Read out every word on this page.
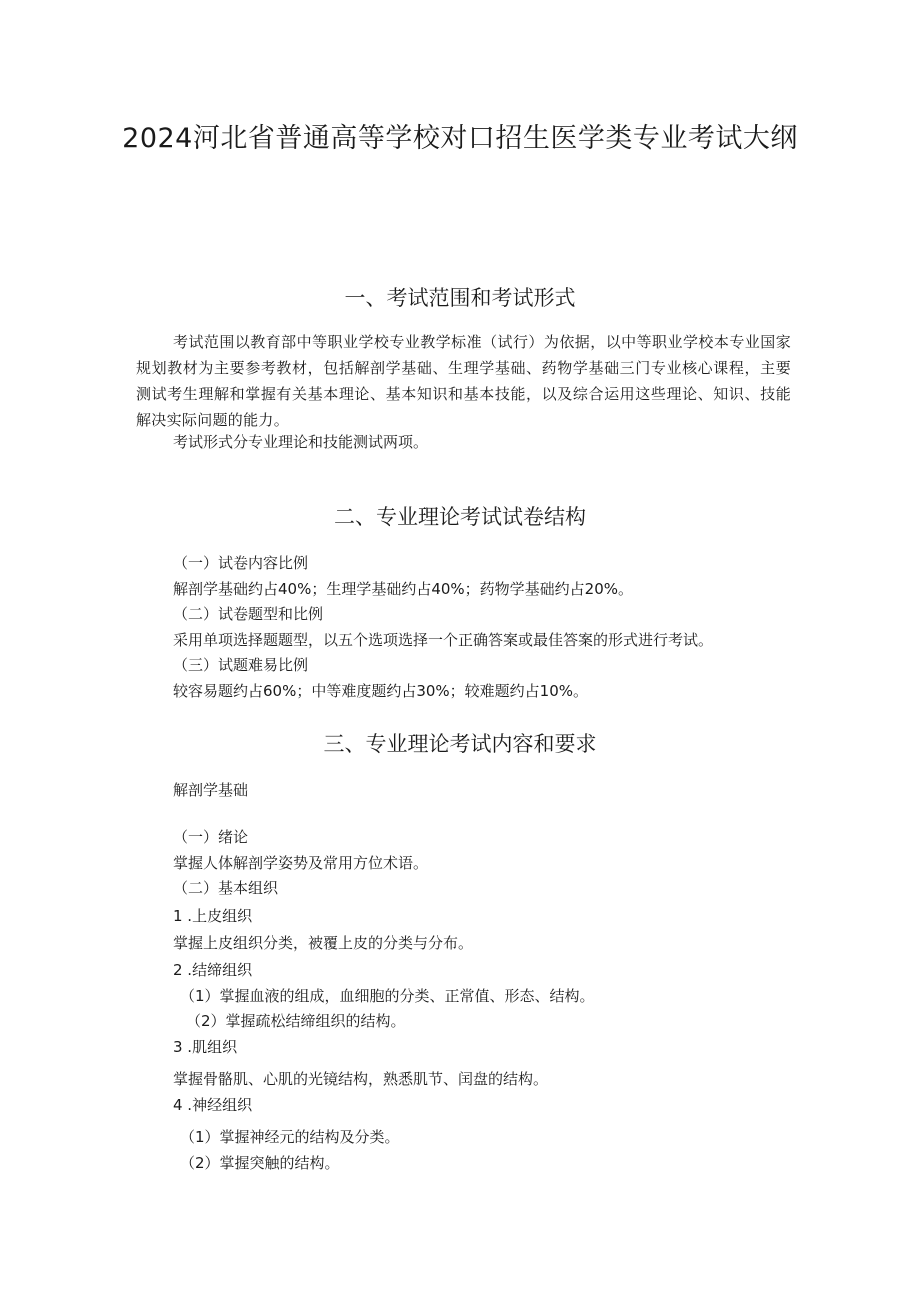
2024河北省普通高等学校对口招生医学类专业考试大纲
一、考试范围和考试形式

考试范围以教育部中等职业学校专业教学标准（试行）为依据，以中等职业学校本专业国家规划教材为主要参考教材，包括解剖学基础、生理学基础、药物学基础三门专业核心课程，主要测试考生理解和掌握有关基本理论、基本知识和基本技能，以及综合运用这些理论、知识、技能解决实际问题的能力。

考试形式分专业理论和技能测试两项。

二、专业理论考试试卷结构

（一）试卷内容比例

解剖学基础约占40%；生理学基础约占40%；药物学基础约占20%。

（二）试卷题型和比例

采用单项选择题题型，以五个选项选择一个正确答案或最佳答案的形式进行考试。

（三）试题难易比例

较容易题约占60%；中等难度题约占30%；较难题约占10%。

三、专业理论考试内容和要求

解剖学基础

（一）绪论

掌握人体解剖学姿势及常用方位术语。

（二）基本组织

1 .上皮组织

掌握上皮组织分类，被覆上皮的分类与分布。

2 .结缔组织

（1）掌握血液的组成，血细胞的分类、正常值、形态、结构。

（2）掌握疏松结缔组织的结构。

3 .肌组织

掌握骨骼肌、心肌的光镜结构，熟悉肌节、闰盘的结构。

4 .神经组织

（1）掌握神经元的结构及分类。

（2）掌握突触的结构。
